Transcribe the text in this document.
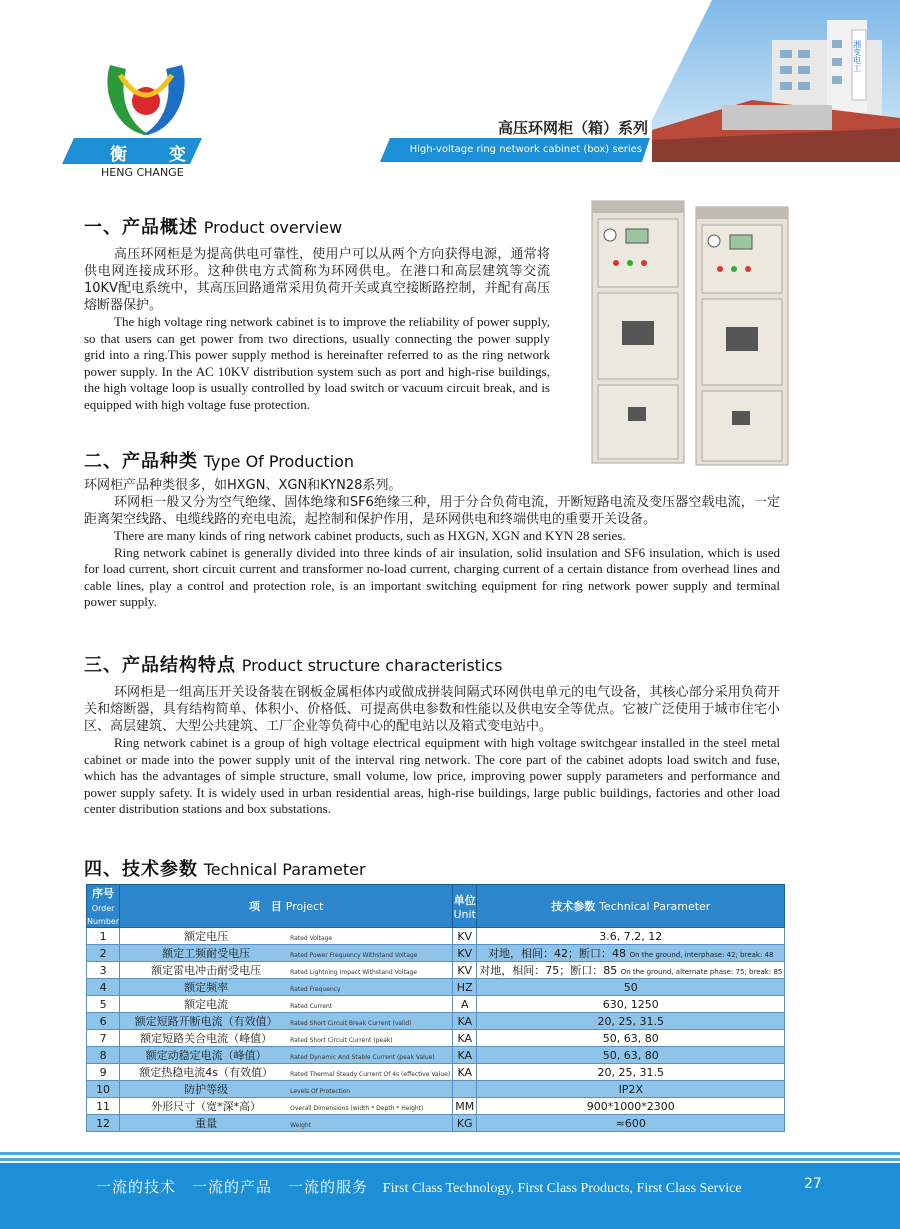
衡 变
HENG CHANGE
高压环网柜（箱）系列
High-voltage ring network cabinet (box) series
湘变电工
一、产品概述 Product overview
高压环网柜是为提高供电可靠性，使用户可以从两个方向获得电源，通常将供电网连接成环形。这种供电方式简称为环网供电。在港口和高层建筑等交流10KV配电系统中，其高压回路通常采用负荷开关或真空接断路控制，并配有高压熔断器保护。
The high voltage ring network cabinet is to improve the reliability of power supply, so that users can get power from two directions, usually connecting the power supply grid into a ring.This power supply method is hereinafter referred to as the ring network power supply. In the AC 10KV distribution system such as port and high-rise buildings, the high voltage loop is usually controlled by load switch or vacuum circuit break, and is equipped with high voltage fuse protection.
二、产品种类 Type Of Production
环网柜产品种类很多，如HXGN、XGN和KYN28系列。
环网柜一般又分为空气绝缘、固体绝缘和SF6绝缘三种，用于分合负荷电流，开断短路电流及变压器空载电流，一定距离架空线路、电缆线路的充电电流，起控制和保护作用，是环网供电和终端供电的重要开关设备。
There are many kinds of ring network cabinet products, such as HXGN, XGN and KYN 28 series.
Ring network cabinet is generally divided into three kinds of air insulation, solid insulation and SF6 insulation, which is used for load current, short circuit current and transformer no-load current, charging current of a certain distance from overhead lines and cable lines, play a control and protection role, is an important switching equipment for ring network power supply and terminal power supply.
三、产品结构特点 Product structure characteristics
环网柜是一组高压开关设备装在钢板金属柜体内或做成拼装间隔式环网供电单元的电气设备，其核心部分采用负荷开关和熔断器，具有结构简单、体积小、价格低、可提高供电参数和性能以及供电安全等优点。它被广泛使用于城市住宅小区、高层建筑、大型公共建筑、工厂企业等负荷中心的配电站以及箱式变电站中。
Ring network cabinet is a group of high voltage electrical equipment with high voltage switchgear installed in the steel metal cabinet or made into the power supply unit of the interval ring network. The core part of the cabinet adopts load switch and fuse, which has the advantages of simple structure, small volume, low price, improving power supply parameters and performance and power supply safety. It is widely used in urban residential areas, high-rise buildings, large public buildings, factories and other load center distribution stations and box substations.
四、技术参数 Technical Parameter
序号 Order Number	项　目 Project	单位 Unit	技术参数 Technical Parameter
1	额定电压 Rated Voltage	KV	3.6, 7.2, 12
2	额定工频耐受电压 Rated Power Frequency Withstand Voltage	KV	对地，相间：42；断口：48 On the ground, interphase: 42; break: 48
3	额定雷电冲击耐受电压 Rated Lightning Impact Withstand Voltage	KV	对地，相间：75；断口：85 On the ground, alternate phase: 75; break: 85
4	额定频率 Rated Frequency	HZ	50
5	额定电流 Rated Current	A	630, 1250
6	额定短路开断电流（有效值） Rated Short Circuit Break Current (valid)	KA	20, 25, 31.5
7	额定短路关合电流（峰值） Rated Short Circuit Current (peak)	KA	50, 63, 80
8	额定动稳定电流（峰值） Rated Dynamic And Stable Current (peak Value)	KA	50, 63, 80
9	额定热稳电流4s（有效值） Rated Thermal Steady Current Of 4s (effective Value)	KA	20, 25, 31.5
10	防护等级 Levels Of Protection		IP2X
11	外形尺寸（宽*深*高） Overall Dimensions (width * Depth * Height)	MM	900*1000*2300
12	重量 Weight	KG	≈600
一流的技术　一流的产品　一流的服务 First Class Technology, First Class Products, First Class Service	27
